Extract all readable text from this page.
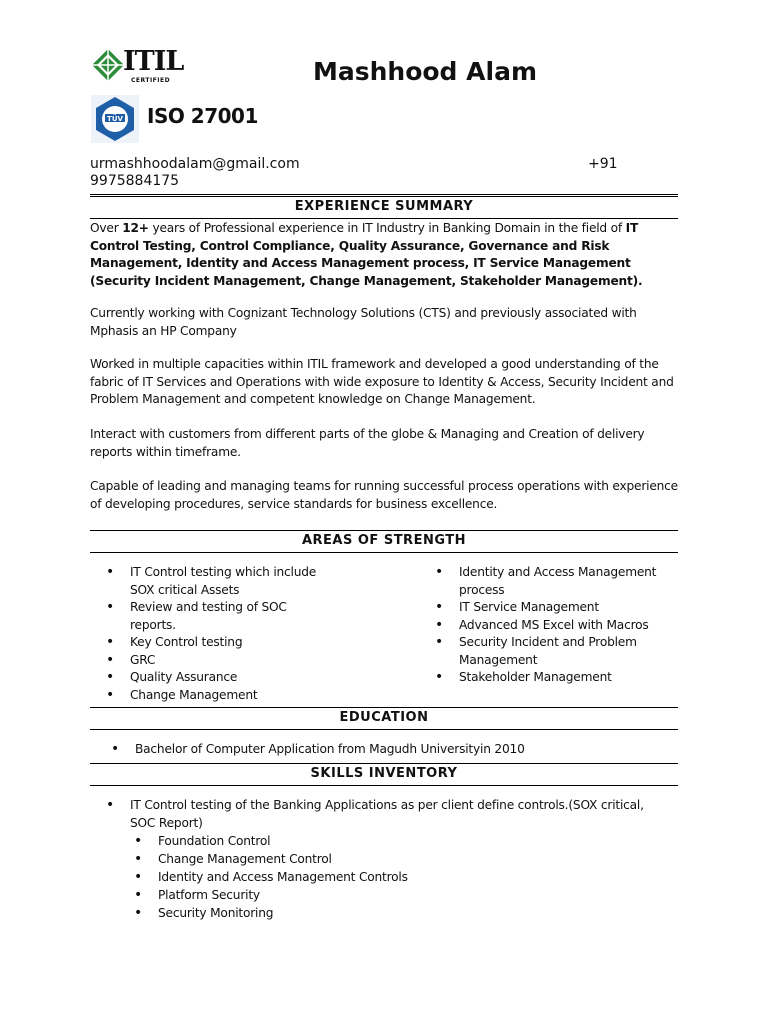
ITIL
CERTIFIED	Mashhood Alam
TÜV ISO 27001
urmashhoodalam@gmail.com	+91
9975884175
EXPERIENCE SUMMARY
Over 12+ years of Professional experience in IT Industry in Banking Domain in the field of IT Control Testing, Control Compliance, Quality Assurance, Governance and Risk Management, Identity and Access Management process, IT Service Management (Security Incident Management, Change Management, Stakeholder Management).
Currently working with Cognizant Technology Solutions (CTS) and previously associated with Mphasis an HP Company
Worked in multiple capacities within ITIL framework and developed a good understanding of the fabric of IT Services and Operations with wide exposure to Identity & Access, Security Incident and Problem Management and competent knowledge on Change Management.
Interact with customers from different parts of the globe & Managing and Creation of delivery reports within timeframe.
Capable of leading and managing teams for running successful process operations with experience of developing procedures, service standards for business excellence.
AREAS OF STRENGTH
• IT Control testing which include SOX critical Assets
• Review and testing of SOC reports.
• Key Control testing
• GRC
• Quality Assurance
• Change Management
• Identity and Access Management process
• IT Service Management
• Advanced MS Excel with Macros
• Security Incident and Problem Management
• Stakeholder Management
EDUCATION
• Bachelor of Computer Application from Magudh Universityin 2010
SKILLS INVENTORY
• IT Control testing of the Banking Applications as per client define controls.(SOX critical, SOC Report)
• Foundation Control
• Change Management Control
• Identity and Access Management Controls
• Platform Security
• Security Monitoring
